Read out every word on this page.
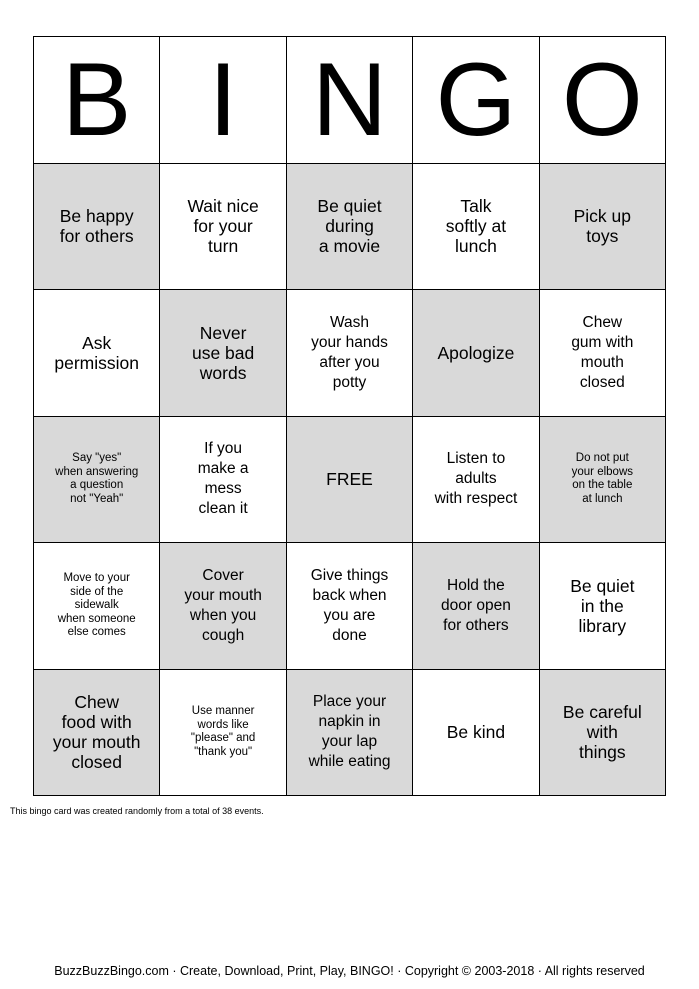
B I N G O
Be happy
for others
Wait nice
for your
turn
Be quiet
during
a movie
Talk
softly at
lunch
Pick up
toys
Ask
permission
Never
use bad
words
Wash
your hands
after you
potty
Apologize
Chew
gum with
mouth
closed
Say "yes"
when answering
a question
not "Yeah"
If you
make a
mess
clean it
FREE
Listen to
adults
with respect
Do not put
your elbows
on the table
at lunch
Move to your
side of the
sidewalk
when someone
else comes
Cover
your mouth
when you
cough
Give things
back when
you are
done
Hold the
door open
for others
Be quiet
in the
library
Chew
food with
your mouth
closed
Use manner
words like
"please" and
"thank you"
Place your
napkin in
your lap
while eating
Be kind
Be careful
with
things
This bingo card was created randomly from a total of 38 events.
BuzzBuzzBingo.com · Create, Download, Print, Play, BINGO! · Copyright © 2003-2018 · All rights reserved
